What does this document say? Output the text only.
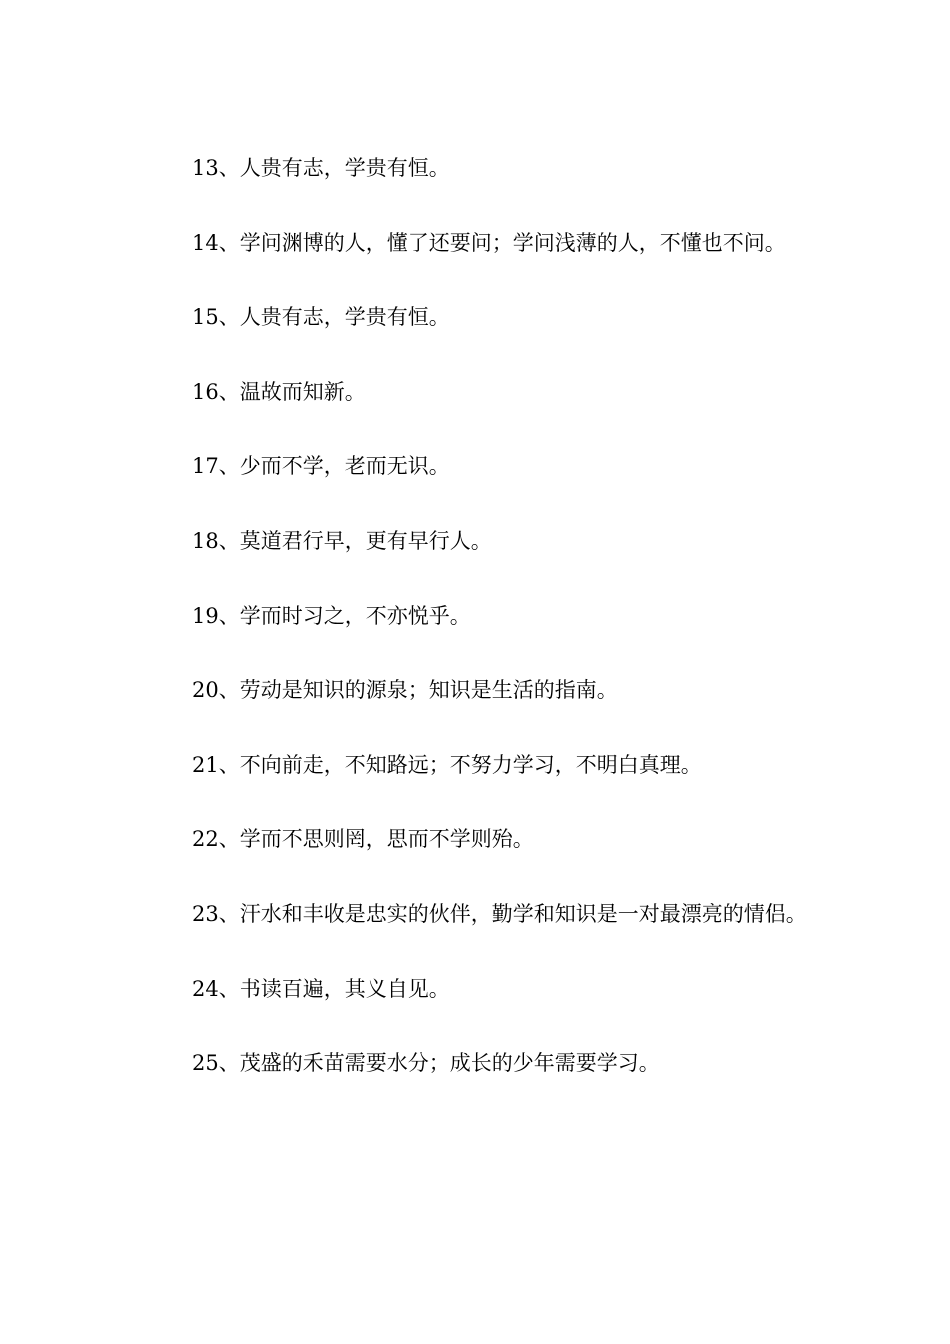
13、人贵有志，学贵有恒。

14、学问渊博的人，懂了还要问；学问浅薄的人，不懂也不问。

15、人贵有志，学贵有恒。

16、温故而知新。

17、少而不学，老而无识。

18、莫道君行早，更有早行人。

19、学而时习之，不亦悦乎。

20、劳动是知识的源泉；知识是生活的指南。

21、不向前走，不知路远；不努力学习，不明白真理。

22、学而不思则罔，思而不学则殆。

23、汗水和丰收是忠实的伙伴，勤学和知识是一对最漂亮的情侣。

24、书读百遍，其义自见。

25、茂盛的禾苗需要水分；成长的少年需要学习。
